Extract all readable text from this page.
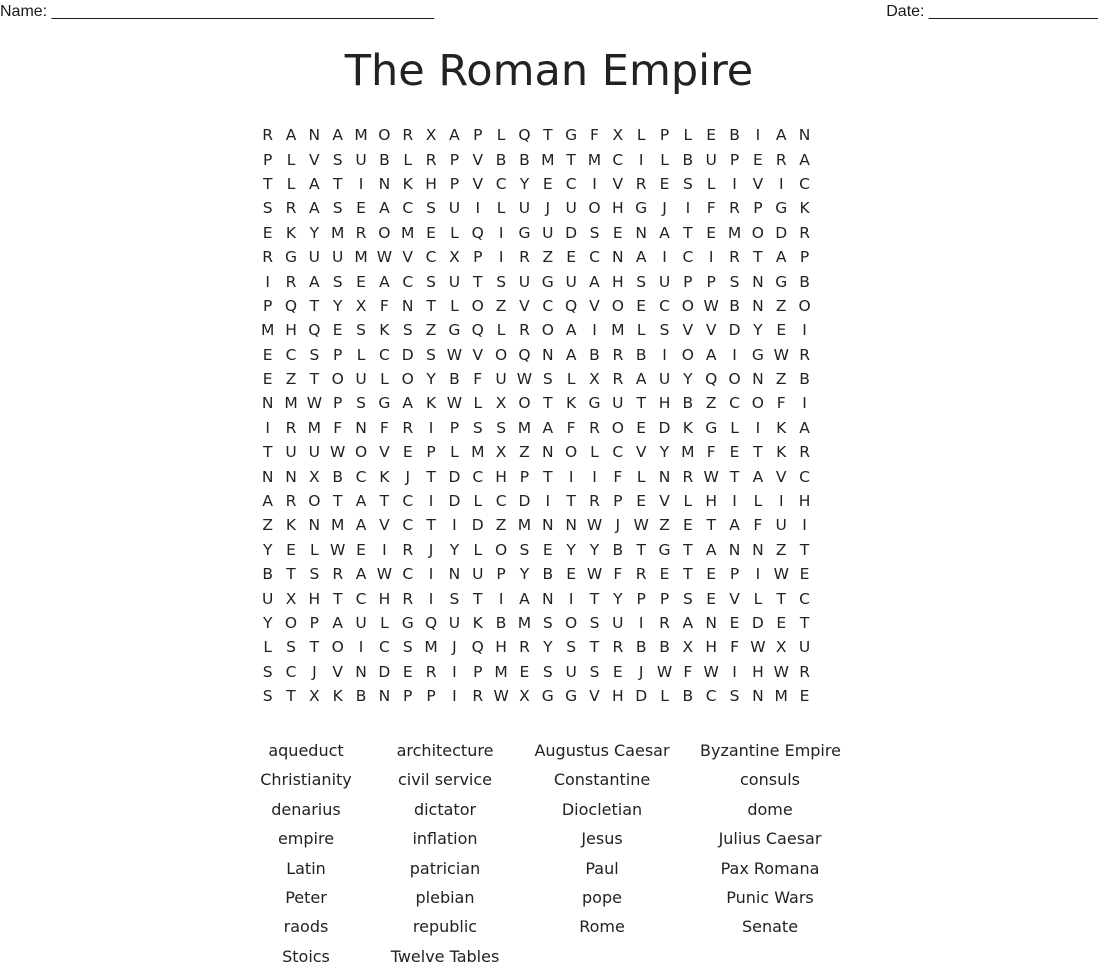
Name: ___________________________________________	Date: ___________________
The Roman Empire
R A N A M O R X A P L Q T G F X L P L E B	I	A N
P L V S U B L R P V B B M T M C	I	L B U P E R A
T L A T	I N K H P V C Y E C	I	V R E S L	I	V	I	C
S R A S E A C S U I	L U J U O H G J	I	F R P G K
E K Y M R O M E L Q I G U D S E N A T E M O D R
R G U U M W V C X P	I	R Z E C N A	I	C	I	R T A P
I	R A S E A C S U T S U G U A H S U P P S N G B
P Q T Y X F N T L O Z V C Q V O E C O W B N Z O
M H Q E S K S Z G Q L R O A	I M L S V V D Y E	I
E C S P L C D S W V O Q N A B R B	I O A	I G W R
E Z T O U L O Y B F U W S L X R A U Y Q O N Z B
N M W P S G A K W L X O T K G U T H B Z C O F	I
I	R M F N F R	I	P S S M A F R O E D K G L	I	K A
T U U W O V E P L M X Z N O L C V Y M F E T K R
N N X B C K	J	T D C H P T	I	I	F L N R W T A V C
A R O T A T C	I D L C D I	T R P E V L H I	L	I H
Z K N M A V C T	I D Z M N N W J W Z E T A F U I
Y E L W E	I	R	J	Y L O S E Y Y B T G T A N N Z T
B T S R A W C	I N U P Y B E W F R E T E P	I W E
U X H T C H R	I	S T	I	A N I	T Y P P S E V L T C
Y O P A U L G Q U K B M S O S U I	R A N E D E T
L S T O I	C S M J Q H R Y S T R B B X H F W X U
S C	J	V N D E R	I	P M E S U S E	J W F W I H W R
S T X K B N P P	I	R W X G G V H D L B C S N M E
aqueduct	architecture	Augustus Caesar	Byzantine Empire
Christianity	civil service	Constantine	consuls
denarius	dictator	Diocletian	dome
empire	inflation	Jesus	Julius Caesar
Latin	patrician	Paul	Pax Romana
Peter	plebian	pope	Punic Wars
raods	republic	Rome	Senate
Stoics	Twelve Tables
